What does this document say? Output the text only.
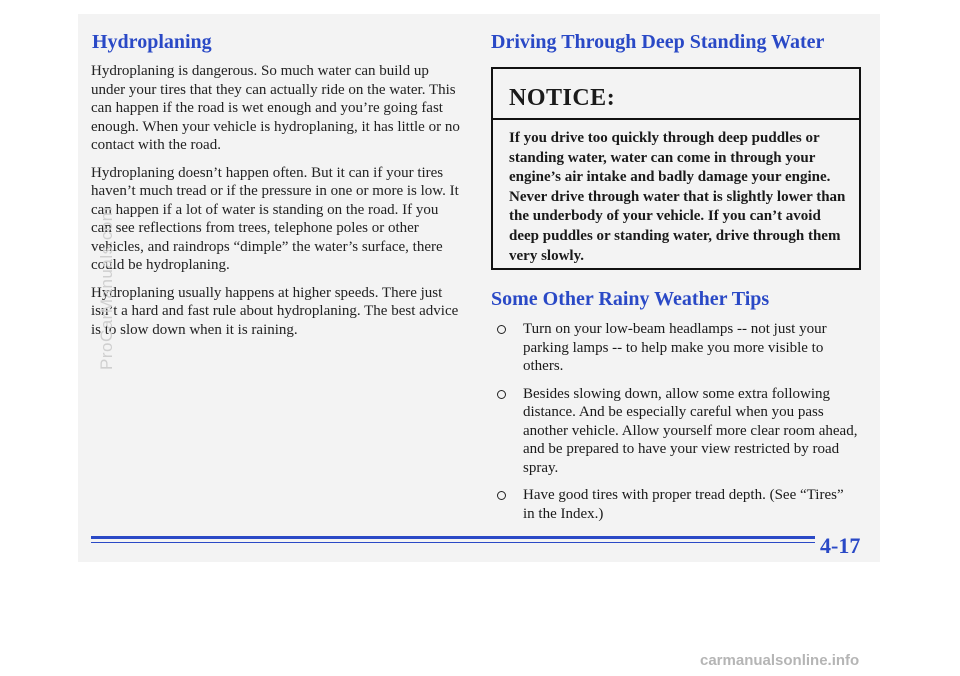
Hydroplaning

Hydroplaning is dangerous. So much water can build up under your tires that they can actually ride on the water. This can happen if the road is wet enough and you’re going fast enough. When your vehicle is hydroplaning, it has little or no contact with the road.

Hydroplaning doesn’t happen often. But it can if your tires haven’t much tread or if the pressure in one or more is low. It can happen if a lot of water is standing on the road. If you can see reflections from trees, telephone poles or other vehicles, and raindrops “dimple” the water’s surface, there could be hydroplaning.

Hydroplaning usually happens at higher speeds. There just isn’t a hard and fast rule about hydroplaning. The best advice is to slow down when it is raining.

Driving Through Deep Standing Water
NOTICE:
If you drive too quickly through deep puddles or standing water, water can come in through your engine’s air intake and badly damage your engine. Never drive through water that is slightly lower than the underbody of your vehicle. If you can’t avoid deep puddles or standing water, drive through them very slowly.
Some Other Rainy Weather Tips
Turn on your low-beam headlamps -- not just your parking lamps -- to help make you more visible to others.
Besides slowing down, allow some extra following distance. And be especially careful when you pass another vehicle. Allow yourself more clear room ahead, and be prepared to have your view restricted by road spray.
Have good tires with proper tread depth. (See “Tires” in the Index.)
4-17
ProCarManuals.com
carmanualsonline.info
